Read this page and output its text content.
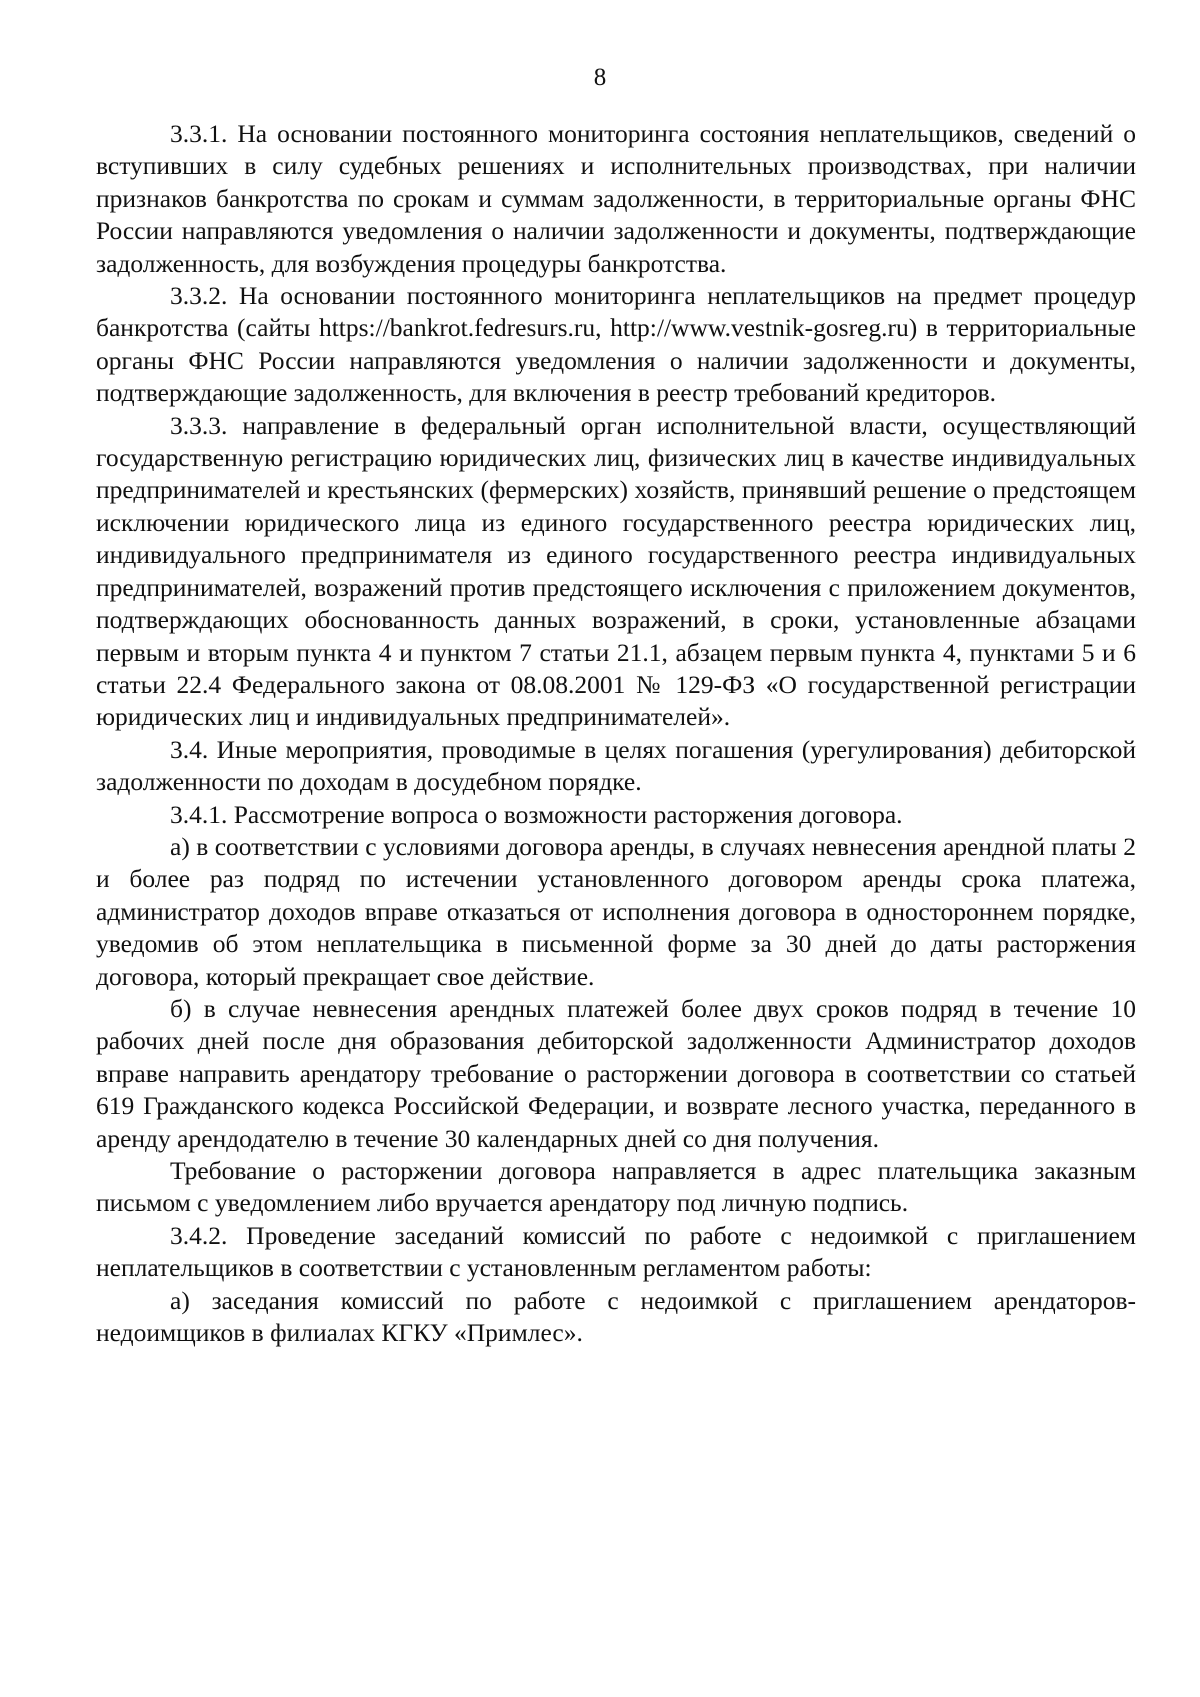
8

3.3.1. На основании постоянного мониторинга состояния неплательщиков, сведений о вступивших в силу судебных решениях и исполнительных производствах, при наличии признаков банкротства по срокам и суммам задолженности, в территориальные органы ФНС России направляются уведомления о наличии задолженности и документы, подтверждающие задолженность, для возбуждения процедуры банкротства.

3.3.2. На основании постоянного мониторинга неплательщиков на предмет процедур банкротства (сайты https://bankrot.fedresurs.ru, http://www.vestnik-gosreg.ru) в территориальные органы ФНС России направляются уведомления о наличии задолженности и документы, подтверждающие задолженность, для включения в реестр требований кредиторов.

3.3.3. направление в федеральный орган исполнительной власти, осуществляющий государственную регистрацию юридических лиц, физических лиц в качестве индивидуальных предпринимателей и крестьянских (фермерских) хозяйств, принявший решение о предстоящем исключении юридического лица из единого государственного реестра юридических лиц, индивидуального предпринимателя из единого государственного реестра индивидуальных предпринимателей, возражений против предстоящего исключения с приложением документов, подтверждающих обоснованность данных возражений, в сроки, установленные абзацами первым и вторым пункта 4 и пунктом 7 статьи 21.1, абзацем первым пункта 4, пунктами 5 и 6 статьи 22.4 Федерального закона от 08.08.2001 № 129-ФЗ «О государственной регистрации юридических лиц и индивидуальных предпринимателей».

3.4. Иные мероприятия, проводимые в целях погашения (урегулирования) дебиторской задолженности по доходам в досудебном порядке.

3.4.1. Рассмотрение вопроса о возможности расторжения договора.

а) в соответствии с условиями договора аренды, в случаях невнесения арендной платы 2 и более раз подряд по истечении установленного договором аренды срока платежа, администратор доходов вправе отказаться от исполнения договора в одностороннем порядке, уведомив об этом неплательщика в письменной форме за 30 дней до даты расторжения договора, который прекращает свое действие.

б) в случае невнесения арендных платежей более двух сроков подряд в течение 10 рабочих дней после дня образования дебиторской задолженности Администратор доходов вправе направить арендатору требование о расторжении договора в соответствии со статьей 619 Гражданского кодекса Российской Федерации, и возврате лесного участка, переданного в аренду арендодателю в течение 30 календарных дней со дня получения.

Требование о расторжении договора направляется в адрес плательщика заказным письмом с уведомлением либо вручается арендатору под личную подпись.

3.4.2. Проведение заседаний комиссий по работе с недоимкой с приглашением неплательщиков в соответствии с установленным регламентом работы:

а) заседания комиссий по работе с недоимкой с приглашением арендаторов-недоимщиков в филиалах КГКУ «Примлес».
